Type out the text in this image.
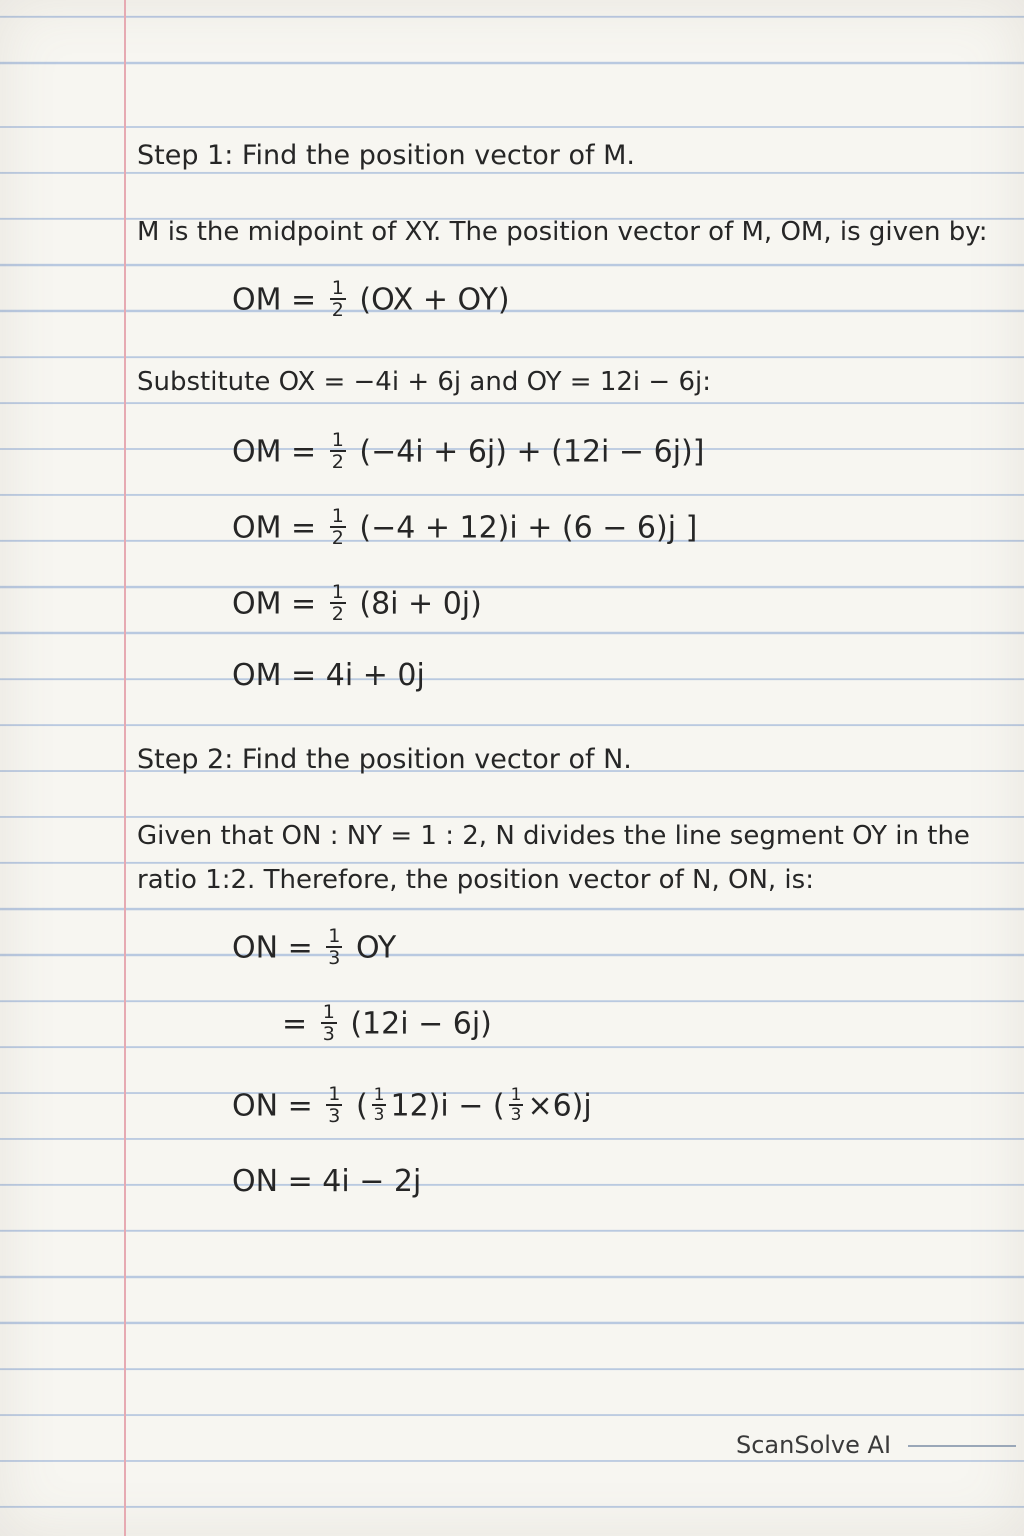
Step 1: Find the position vector of M.
M is the midpoint of XY. The position vector of M, OM, is given by:
OM = $\frac{1}{2} (OX + OY)$
Substitute OX = −4i + 6j and OY = 12i − 6j:
OM = $\frac{1}{2} (-4i + 6j) + (12i - 6j)$]
OM = $\frac{1}{2} (-4 + 12)i + (6 - 6)j$ ]
OM = $\frac{1}{2} (8i + 0j)$
OM = 4i + 0j
Step 2: Find the position vector of N.
Given that ON : NY = 1 : 2, N divides the line segment OY in the
ratio 1:2. Therefore, the position vector of N, ON, is:
ON = $\frac{1}{3}$ OY
= $\frac{1}{3} (12i - 6j)$
ON = $\frac{1}{3}$ ( $\frac{1}{3} 12)i$ − ( $\frac{1}{3} \times 6)j$
ON = 4i − 2j
ScanSolve AI
